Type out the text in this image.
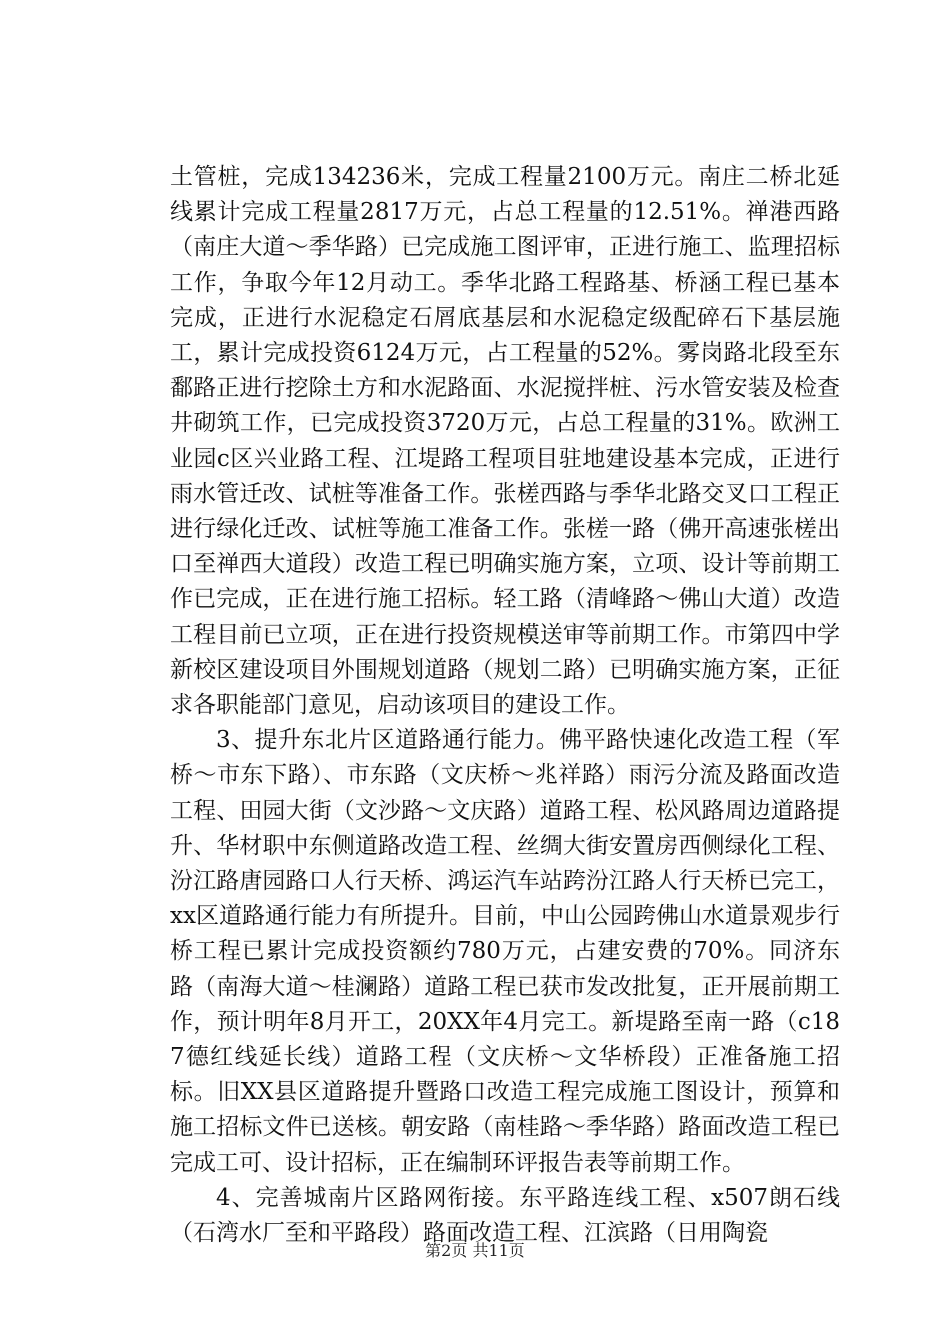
土管桩，完成134236米，完成工程量2100万元。南庄二桥北延线累计完成工程量2817万元，占总工程量的12.51%。禅港西路（南庄大道～季华路）已完成施工图评审，正进行施工、监理招标工作，争取今年12月动工。季华北路工程路基、桥涵工程已基本完成，正进行水泥稳定石屑底基层和水泥稳定级配碎石下基层施工，累计完成投资6124万元，占工程量的52%。雾岗路北段至东鄱路正进行挖除土方和水泥路面、水泥搅拌桩、污水管安装及检查井砌筑工作，已完成投资3720万元，占总工程量的31%。欧洲工业园c区兴业路工程、江堤路工程项目驻地建设基本完成，正进行雨水管迁改、试桩等准备工作。张槎西路与季华北路交叉口工程正进行绿化迁改、试桩等施工准备工作。张槎一路（佛开高速张槎出口至禅西大道段）改造工程已明确实施方案，立项、设计等前期工作已完成，正在进行施工招标。轻工路（清峰路～佛山大道）改造工程目前已立项，正在进行投资规模送审等前期工作。市第四中学新校区建设项目外围规划道路（规划二路）已明确实施方案，正征求各职能部门意见，启动该项目的建设工作。

3、提升东北片区道路通行能力。佛平路快速化改造工程（军桥～市东下路）、市东路（文庆桥～兆祥路）雨污分流及路面改造工程、田园大街（文沙路～文庆路）道路工程、松风路周边道路提升、华材职中东侧道路改造工程、丝绸大街安置房西侧绿化工程、汾江路唐园路口人行天桥、鸿运汽车站跨汾江路人行天桥已完工，xx区道路通行能力有所提升。目前，中山公园跨佛山水道景观步行桥工程已累计完成投资额约780万元，占建安费的70%。同济东路（南海大道～桂澜路）道路工程已获市发改批复，正开展前期工作，预计明年8月开工，20XX年4月完工。新堤路至南一路（c187德红线延长线）道路工程（文庆桥～文华桥段）正准备施工招标。旧XX县区道路提升暨路口改造工程完成施工图设计，预算和施工招标文件已送核。朝安路（南桂路～季华路）路面改造工程已完成工可、设计招标，正在编制环评报告表等前期工作。

4、完善城南片区路网衔接。东平路连线工程、x507朗石线（石湾水厂至和平路段）路面改造工程、江滨路（日用陶瓷

第2页 共11页
